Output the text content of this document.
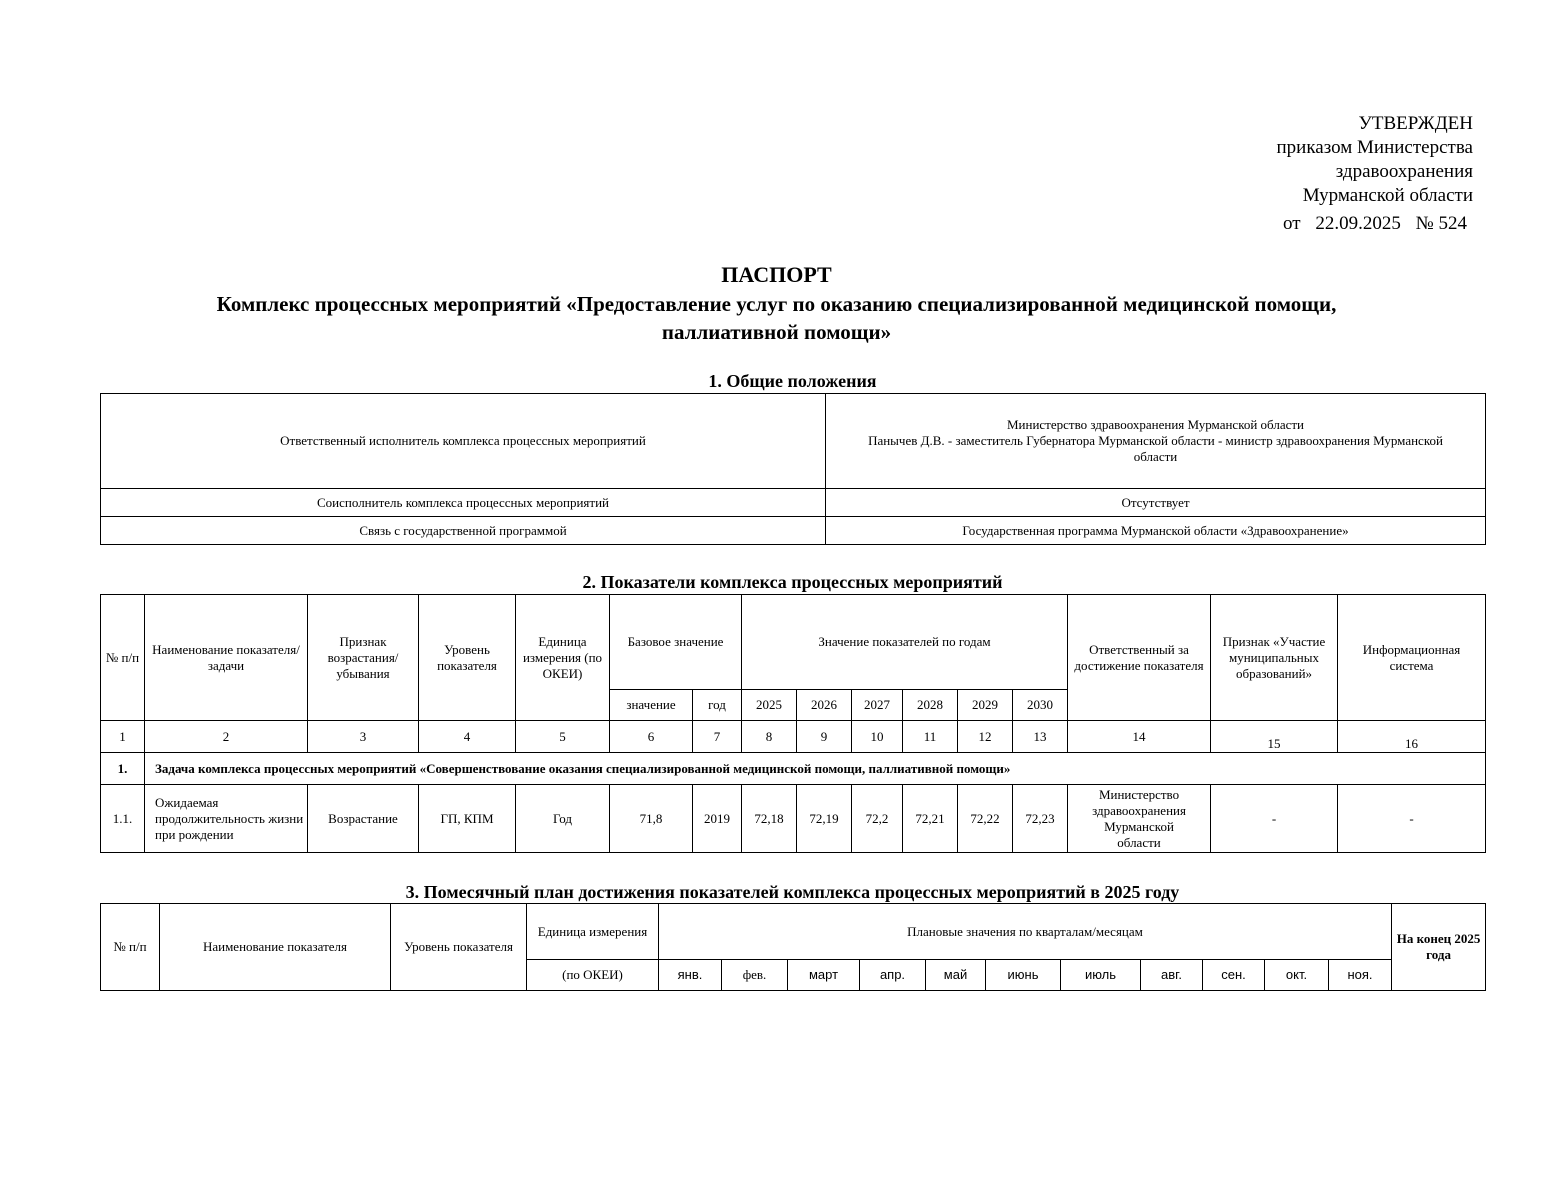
УТВЕРЖДЕН
приказом Министерства
здравоохранения
Мурманской области
от 22.09.2025 № 524
ПАСПОРТ
Комплекс процессных мероприятий «Предоставление услуг по оказанию специализированной медицинской помощи, паллиативной помощи»
1. Общие положения
Ответственный исполнитель комплекса процессных мероприятий	Министерство здравоохранения Мурманской области
Панычев Д.В. - заместитель Губернатора Мурманской области - министр здравоохранения Мурманской области

Соисполнитель комплекса процессных мероприятий	Отсутствует
Связь с государственной программой	Государственная программа Мурманской области «Здравоохранение»
2. Показатели комплекса процессных мероприятий
№ п/п	Наименование показателя/задачи	Признак возрастания/ убывания	Уровень показателя	Единица измерения (по ОКЕИ)	Базовое значение		Значение показателей по годам						Ответственный за достижение показателя	Признак «Участие муниципальных образований»	Информационная система
					значение	год	2025	2026	2027	2028	2029	2030			
1	2	3	4	5	6	7	8	9	10	11	12	13	14	15	16
1.	Задача комплекса процессных мероприятий «Совершенствование оказания специализированной медицинской помощи, паллиативной помощи»														
1.1.	Ожидаемая продолжительность жизни при рождении	Возрастание	ГП, КПМ	Год	71,8	2019	72,18	72,19	72,2	72,21	72,22	72,23	Министерство здравоохранения Мурманской области	-	-
3. Помесячный план достижения показателей комплекса процессных мероприятий в 2025 году
№ п/п	Наименование показателя	Уровень показателя	Единица измерения	Плановые значения по кварталам/месяцам											На конец 2025 года
			(по ОКЕИ)	янв.	фев.	март	апр.	май	июнь	июль	авг.	сен.	окт.	ноя.	
